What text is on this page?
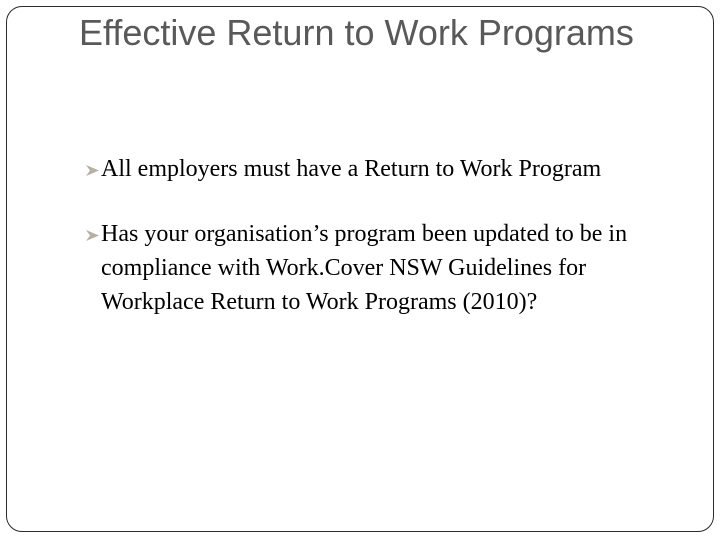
Effective Return to Work Programs
All employers must have a Return to Work Program
Has your organisation’s program been updated to be in compliance with Work.Cover NSW Guidelines for Workplace Return to Work Programs (2010)?
